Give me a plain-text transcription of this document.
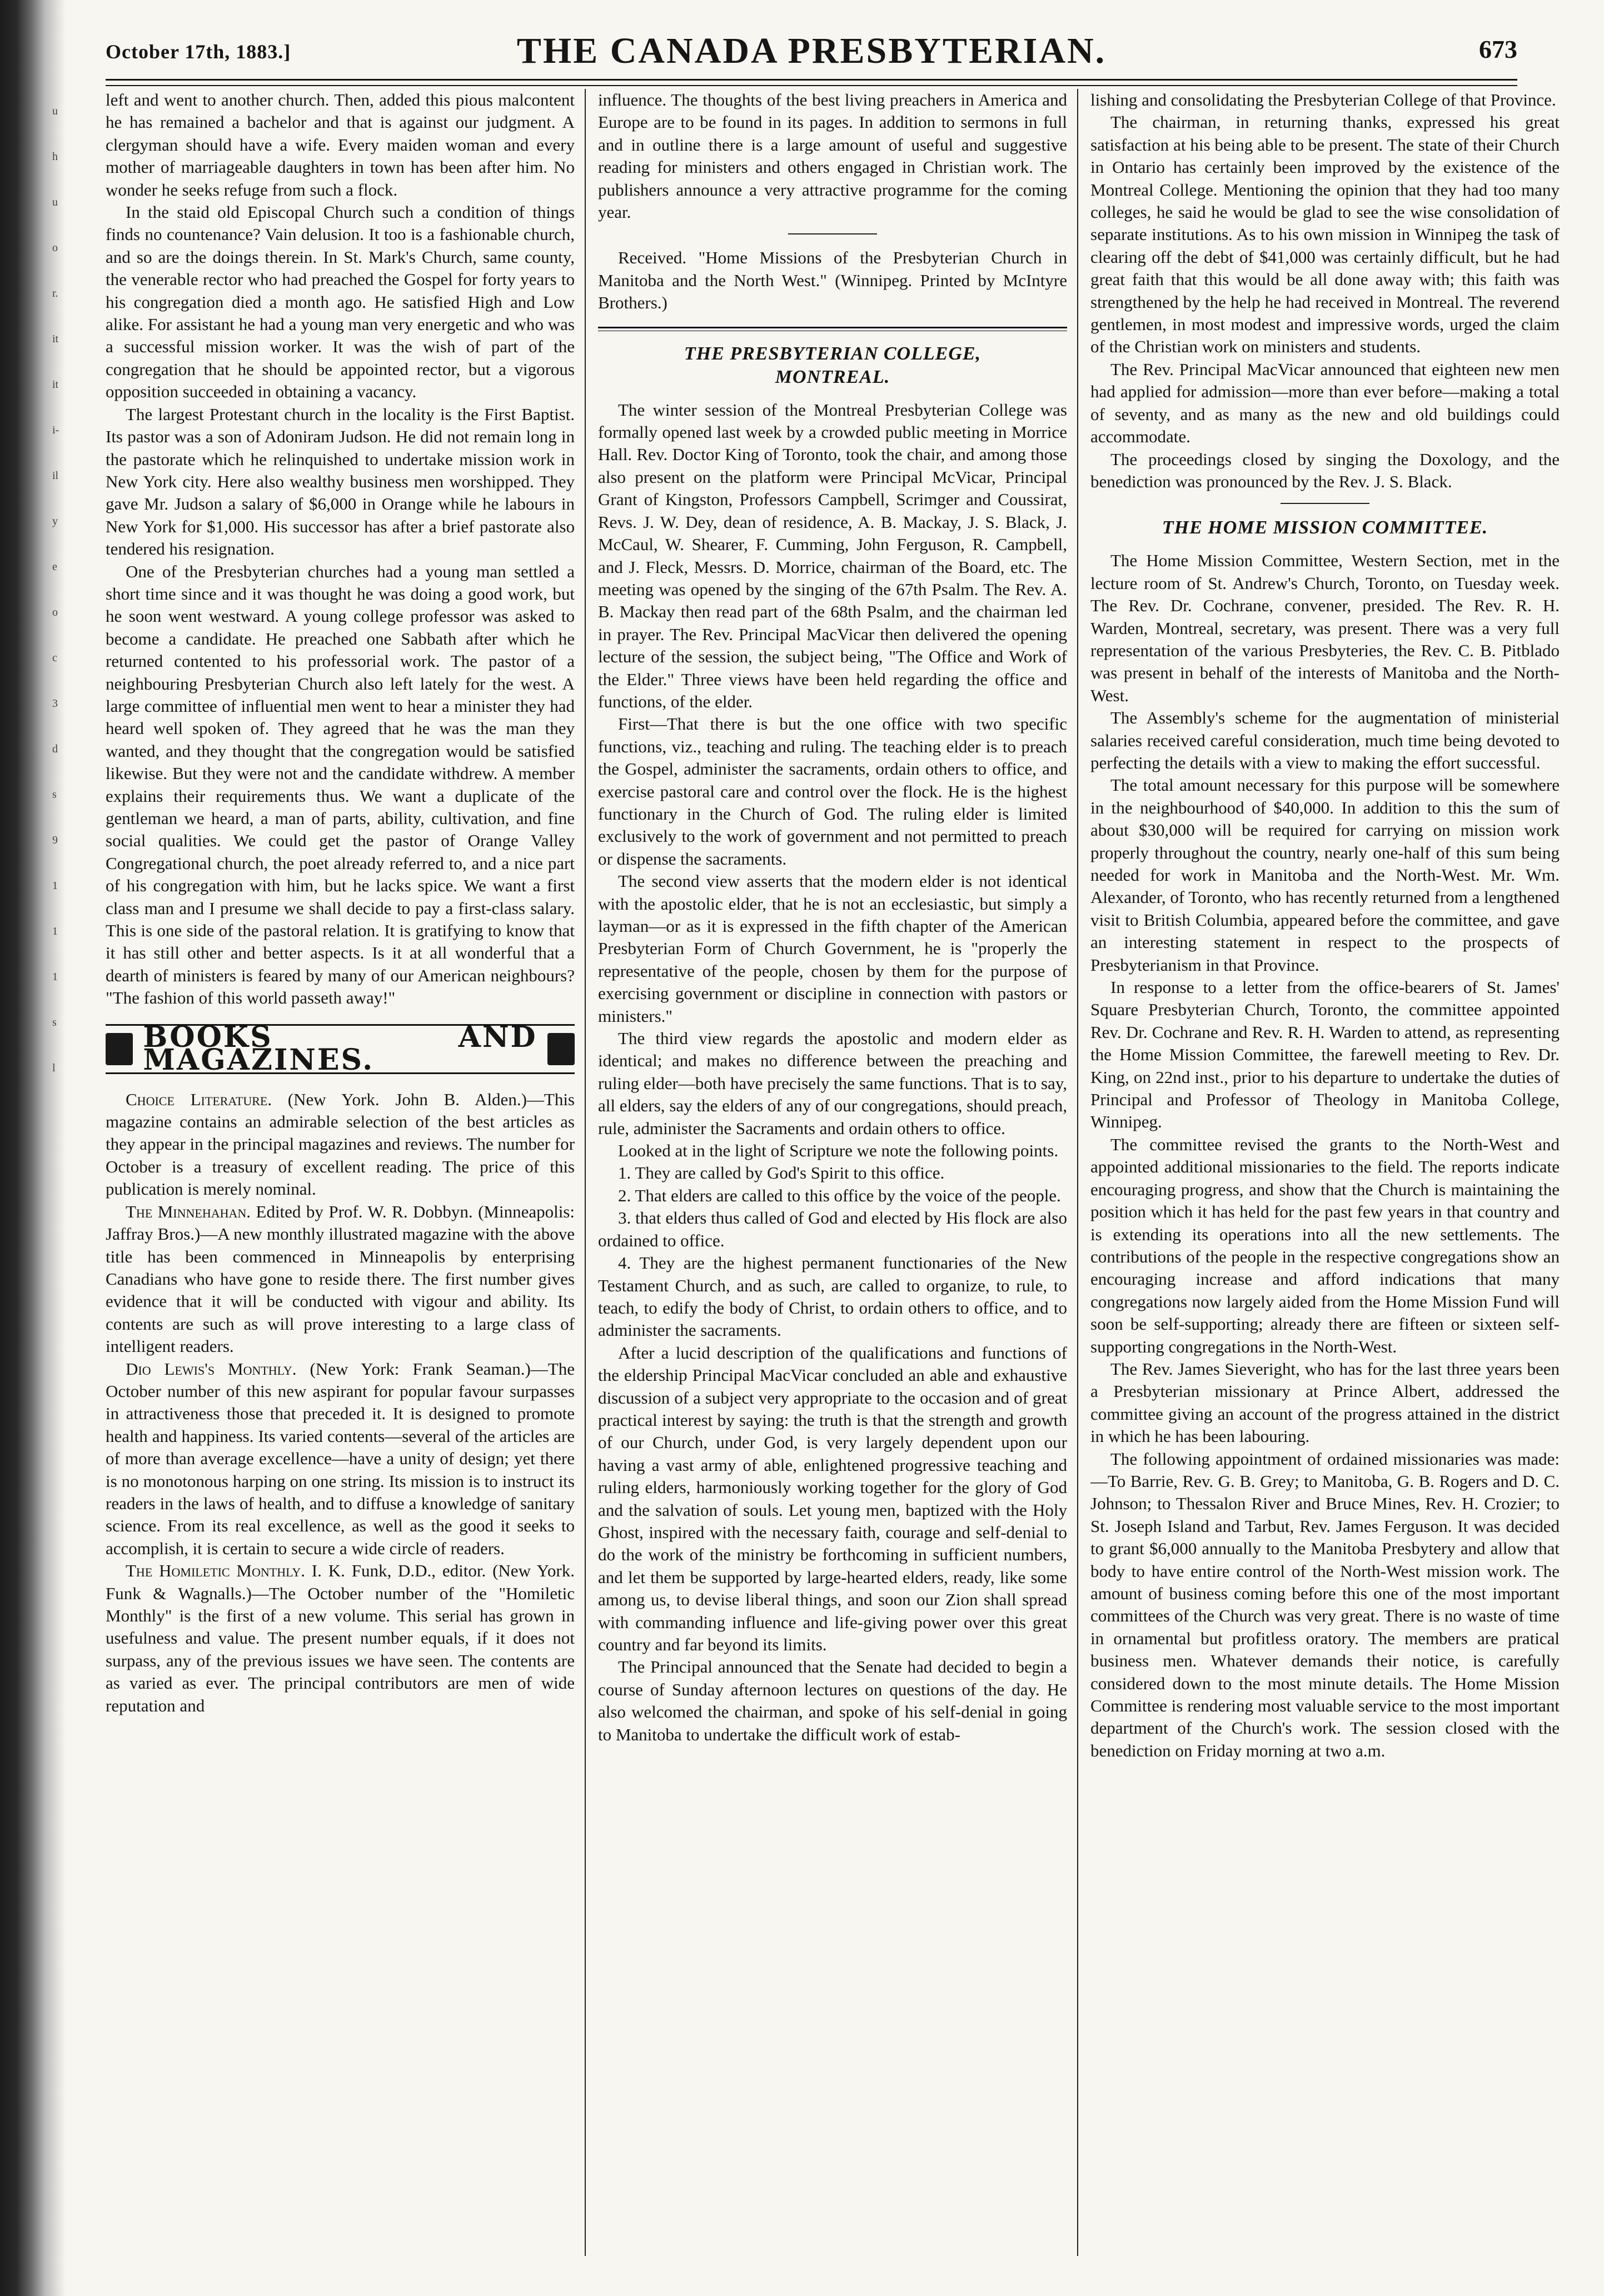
u
h
u
o
r.
it
it
i-
il
y
e
o
c
3
d
s
9
1
1
1
s
l
October 17th, 1883.]	THE CANADA PRESBYTERIAN.	673

left and went to another church. Then, added this pious malcontent he has remained a bachelor and that is against our judgment. A clergyman should have a wife. Every maiden woman and every mother of marriageable daughters in town has been after him. No wonder he seeks refuge from such a flock.

In the staid old Episcopal Church such a condition of things finds no countenance? Vain delusion. It too is a fashionable church, and so are the doings therein. In St. Mark's Church, same county, the venerable rector who had preached the Gospel for forty years to his congregation died a month ago. He satisfied High and Low alike. For assistant he had a young man very energetic and who was a successful mission worker. It was the wish of part of the congregation that he should be appointed rector, but a vigorous opposition succeeded in obtaining a vacancy.

The largest Protestant church in the locality is the First Baptist. Its pastor was a son of Adoniram Judson. He did not remain long in the pastorate which he relinquished to undertake mission work in New York city. Here also wealthy business men worshipped. They gave Mr. Judson a salary of $6,000 in Orange while he labours in New York for $1,000. His successor has after a brief pastorate also tendered his resignation.

One of the Presbyterian churches had a young man settled a short time since and it was thought he was doing a good work, but he soon went westward. A young college professor was asked to become a candidate. He preached one Sabbath after which he returned contented to his professorial work. The pastor of a neighbouring Presbyterian Church also left lately for the west. A large committee of influential men went to hear a minister they had heard well spoken of. They agreed that he was the man they wanted, and they thought that the congregation would be satisfied likewise. But they were not and the candidate withdrew. A member explains their requirements thus. We want a duplicate of the gentleman we heard, a man of parts, ability, cultivation, and fine social qualities. We could get the pastor of Orange Valley Congregational church, the poet already referred to, and a nice part of his congregation with him, but he lacks spice. We want a first class man and I presume we shall decide to pay a first-class salary. This is one side of the pastoral relation. It is gratifying to know that it has still other and better aspects. Is it at all wonderful that a dearth of ministers is feared by many of our American neighbours? "The fashion of this world passeth away!"

BOOKS AND MAGAZINES.

Choice Literature. (New York. John B. Alden.)—This magazine contains an admirable selection of the best articles as they appear in the principal magazines and reviews. The number for October is a treasury of excellent reading. The price of this publication is merely nominal.

The Minnehahan. Edited by Prof. W. R. Dobbyn. (Minneapolis: Jaffray Bros.)—A new monthly illustrated magazine with the above title has been commenced in Minneapolis by enterprising Canadians who have gone to reside there. The first number gives evidence that it will be conducted with vigour and ability. Its contents are such as will prove interesting to a large class of intelligent readers.

Dio Lewis's Monthly. (New York: Frank Seaman.)—The October number of this new aspirant for popular favour surpasses in attractiveness those that preceded it. It is designed to promote health and happiness. Its varied contents—several of the articles are of more than average excellence—have a unity of design; yet there is no monotonous harping on one string. Its mission is to instruct its readers in the laws of health, and to diffuse a knowledge of sanitary science. From its real excellence, as well as the good it seeks to accomplish, it is certain to secure a wide circle of readers.

The Homiletic Monthly. I. K. Funk, D.D., editor. (New York. Funk & Wagnalls.)—The October number of the "Homiletic Monthly" is the first of a new volume. This serial has grown in usefulness and value. The present number equals, if it does not surpass, any of the previous issues we have seen. The contents are as varied as ever. The principal contributors are men of wide reputation and

influence. The thoughts of the best living preachers in America and Europe are to be found in its pages. In addition to sermons in full and in outline there is a large amount of useful and suggestive reading for ministers and others engaged in Christian work. The publishers announce a very attractive programme for the coming year.

Received. "Home Missions of the Presbyterian Church in Manitoba and the North West." (Winnipeg. Printed by McIntyre Brothers.)

THE PRESBYTERIAN COLLEGE,
MONTREAL.

The winter session of the Montreal Presbyterian College was formally opened last week by a crowded public meeting in Morrice Hall. Rev. Doctor King of Toronto, took the chair, and among those also present on the platform were Principal McVicar, Principal Grant of Kingston, Professors Campbell, Scrimger and Coussirat, Revs. J. W. Dey, dean of residence, A. B. Mackay, J. S. Black, J. McCaul, W. Shearer, F. Cumming, John Ferguson, R. Campbell, and J. Fleck, Messrs. D. Morrice, chairman of the Board, etc. The meeting was opened by the singing of the 67th Psalm. The Rev. A. B. Mackay then read part of the 68th Psalm, and the chairman led in prayer. The Rev. Principal MacVicar then delivered the opening lecture of the session, the subject being, "The Office and Work of the Elder." Three views have been held regarding the office and functions, of the elder.

First—That there is but the one office with two specific functions, viz., teaching and ruling. The teaching elder is to preach the Gospel, administer the sacraments, ordain others to office, and exercise pastoral care and control over the flock. He is the highest functionary in the Church of God. The ruling elder is limited exclusively to the work of government and not permitted to preach or dispense the sacraments.

The second view asserts that the modern elder is not identical with the apostolic elder, that he is not an ecclesiastic, but simply a layman—or as it is expressed in the fifth chapter of the American Presbyterian Form of Church Government, he is "properly the representative of the people, chosen by them for the purpose of exercising government or discipline in connection with pastors or ministers."

The third view regards the apostolic and modern elder as identical; and makes no difference between the preaching and ruling elder—both have precisely the same functions. That is to say, all elders, say the elders of any of our congregations, should preach, rule, administer the Sacraments and ordain others to office.

Looked at in the light of Scripture we note the following points.

1. They are called by God's Spirit to this office.

2. That elders are called to this office by the voice of the people.

3. that elders thus called of God and elected by His flock are also ordained to office.

4. They are the highest permanent functionaries of the New Testament Church, and as such, are called to organize, to rule, to teach, to edify the body of Christ, to ordain others to office, and to administer the sacraments.

After a lucid description of the qualifications and functions of the eldership Principal MacVicar concluded an able and exhaustive discussion of a subject very appropriate to the occasion and of great practical interest by saying: the truth is that the strength and growth of our Church, under God, is very largely dependent upon our having a vast army of able, enlightened progressive teaching and ruling elders, harmoniously working together for the glory of God and the salvation of souls. Let young men, baptized with the Holy Ghost, inspired with the necessary faith, courage and self-denial to do the work of the ministry be forthcoming in sufficient numbers, and let them be supported by large-hearted elders, ready, like some among us, to devise liberal things, and soon our Zion shall spread with commanding influence and life-giving power over this great country and far beyond its limits.

The Principal announced that the Senate had decided to begin a course of Sunday afternoon lectures on questions of the day. He also welcomed the chairman, and spoke of his self-denial in going to Manitoba to undertake the difficult work of estab-

lishing and consolidating the Presbyterian College of that Province.

The chairman, in returning thanks, expressed his great satisfaction at his being able to be present. The state of their Church in Ontario has certainly been improved by the existence of the Montreal College. Mentioning the opinion that they had too many colleges, he said he would be glad to see the wise consolidation of separate institutions. As to his own mission in Winnipeg the task of clearing off the debt of $41,000 was certainly difficult, but he had great faith that this would be all done away with; this faith was strengthened by the help he had received in Montreal. The reverend gentlemen, in most modest and impressive words, urged the claim of the Christian work on ministers and students.

The Rev. Principal MacVicar announced that eighteen new men had applied for admission—more than ever before—making a total of seventy, and as many as the new and old buildings could accommodate.

The proceedings closed by singing the Doxology, and the benediction was pronounced by the Rev. J. S. Black.

THE HOME MISSION COMMITTEE.

The Home Mission Committee, Western Section, met in the lecture room of St. Andrew's Church, Toronto, on Tuesday week. The Rev. Dr. Cochrane, convener, presided. The Rev. R. H. Warden, Montreal, secretary, was present. There was a very full representation of the various Presbyteries, the Rev. C. B. Pitblado was present in behalf of the interests of Manitoba and the North-West.

The Assembly's scheme for the augmentation of ministerial salaries received careful consideration, much time being devoted to perfecting the details with a view to making the effort successful.

The total amount necessary for this purpose will be somewhere in the neighbourhood of $40,000. In addition to this the sum of about $30,000 will be required for carrying on mission work properly throughout the country, nearly one-half of this sum being needed for work in Manitoba and the North-West. Mr. Wm. Alexander, of Toronto, who has recently returned from a lengthened visit to British Columbia, appeared before the committee, and gave an interesting statement in respect to the prospects of Presbyterianism in that Province.

In response to a letter from the office-bearers of St. James' Square Presbyterian Church, Toronto, the committee appointed Rev. Dr. Cochrane and Rev. R. H. Warden to attend, as representing the Home Mission Committee, the farewell meeting to Rev. Dr. King, on 22nd inst., prior to his departure to undertake the duties of Principal and Professor of Theology in Manitoba College, Winnipeg.

The committee revised the grants to the North-West and appointed additional missionaries to the field. The reports indicate encouraging progress, and show that the Church is maintaining the position which it has held for the past few years in that country and is extending its operations into all the new settlements. The contributions of the people in the respective congregations show an encouraging increase and afford indications that many congregations now largely aided from the Home Mission Fund will soon be self-supporting; already there are fifteen or sixteen self-supporting congregations in the North-West.

The Rev. James Sieveright, who has for the last three years been a Presbyterian missionary at Prince Albert, addressed the committee giving an account of the progress attained in the district in which he has been labouring.

The following appointment of ordained missionaries was made:—To Barrie, Rev. G. B. Grey; to Manitoba, G. B. Rogers and D. C. Johnson; to Thessalon River and Bruce Mines, Rev. H. Crozier; to St. Joseph Island and Tarbut, Rev. James Ferguson. It was decided to grant $6,000 annually to the Manitoba Presbytery and allow that body to have entire control of the North-West mission work. The amount of business coming before this one of the most important committees of the Church was very great. There is no waste of time in ornamental but profitless oratory. The members are pratical business men. Whatever demands their notice, is carefully considered down to the most minute details. The Home Mission Committee is rendering most valuable service to the most important department of the Church's work. The session closed with the benediction on Friday morning at two a.m.
